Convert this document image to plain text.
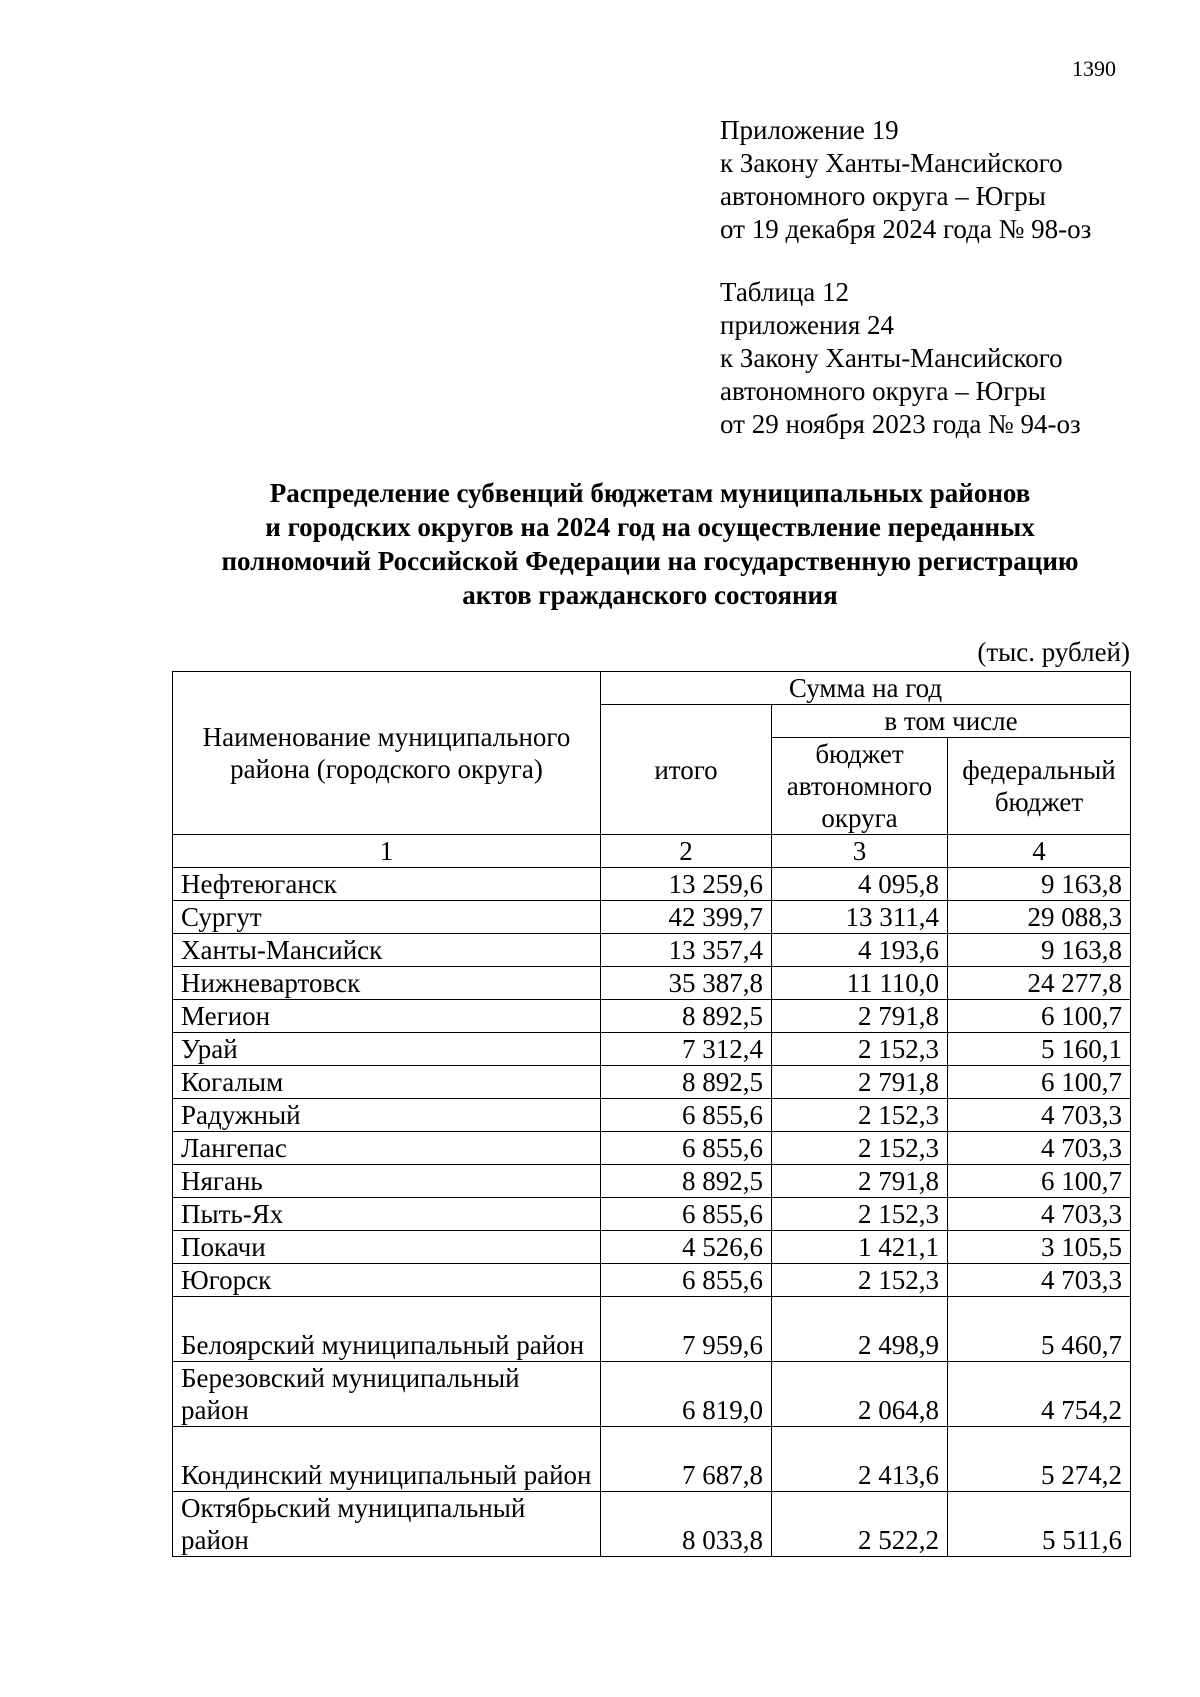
1390
Приложение 19
к Закону Ханты-Мансийского
автономного округа – Югры
от 19 декабря 2024 года № 98-оз
Таблица 12
приложения 24
к Закону Ханты-Мансийского
автономного округа – Югры
от 29 ноября 2023 года № 94-оз
Распределение субвенций бюджетам муниципальных районов
и городских округов на 2024 год на осуществление переданных
полномочий Российской Федерации на государственную регистрацию
актов гражданского состояния
(тыс. рублей)
Наименование муниципального района (городского округа)	Сумма на год		
	итого	в том числе	
		бюджет автономного округа	федеральный бюджет
1	2	3	4
Нефтеюганск	13 259,6	4 095,8	9 163,8
Сургут	42 399,7	13 311,4	29 088,3
Ханты-Мансийск	13 357,4	4 193,6	9 163,8
Нижневартовск	35 387,8	11 110,0	24 277,8
Мегион	8 892,5	2 791,8	6 100,7
Урай	7 312,4	2 152,3	5 160,1
Когалым	8 892,5	2 791,8	6 100,7
Радужный	6 855,6	2 152,3	4 703,3
Лангепас	6 855,6	2 152,3	4 703,3
Нягань	8 892,5	2 791,8	6 100,7
Пыть-Ях	6 855,6	2 152,3	4 703,3
Покачи	4 526,6	1 421,1	3 105,5
Югорск	6 855,6	2 152,3	4 703,3
Белоярский муниципальный район	7 959,6	2 498,9	5 460,7
Березовский муниципальный район	6 819,0	2 064,8	4 754,2
Кондинский муниципальный район	7 687,8	2 413,6	5 274,2
Октябрьский муниципальный район	8 033,8	2 522,2	5 511,6
